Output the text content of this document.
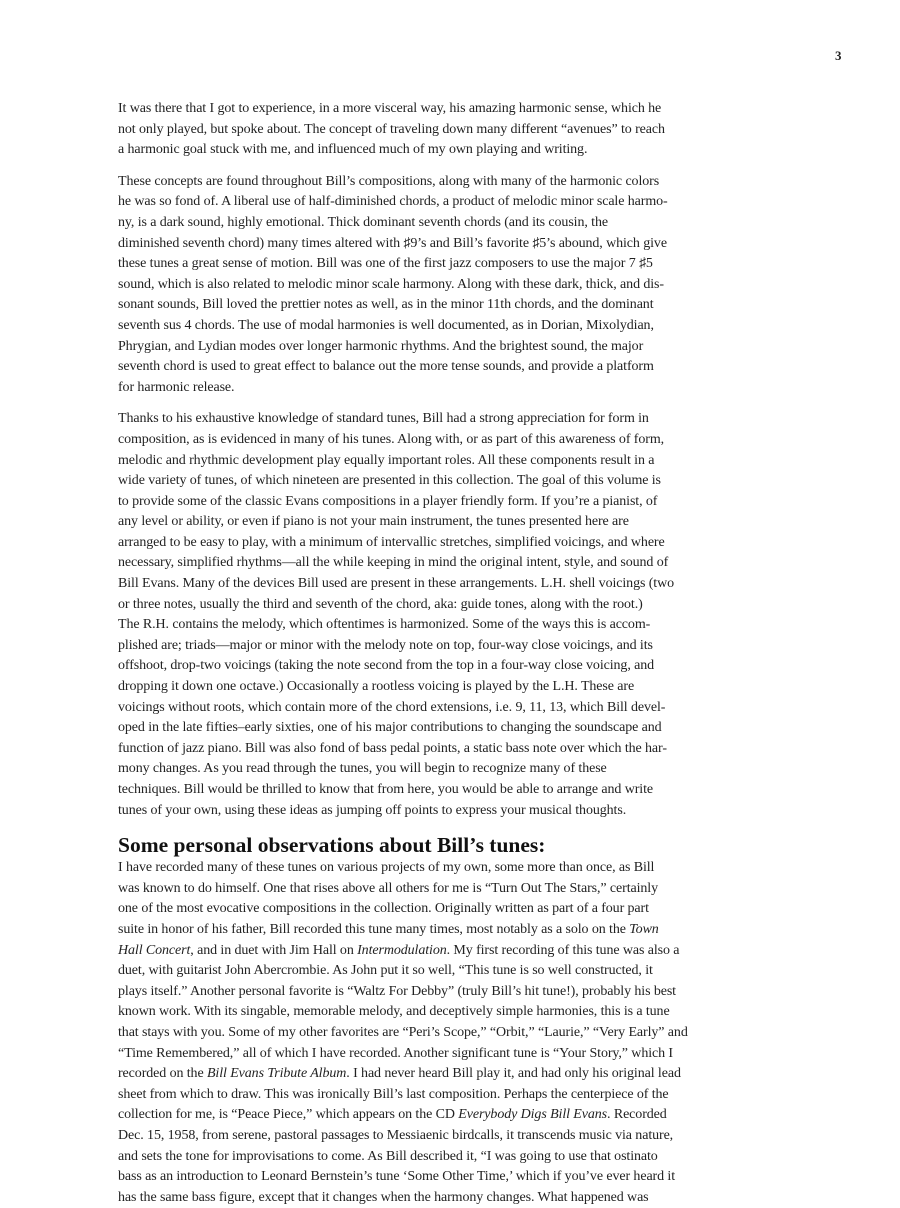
3

It was there that I got to experience, in a more visceral way, his amazing harmonic sense, which he
not only played, but spoke about. The concept of traveling down many different “avenues” to reach
a harmonic goal stuck with me, and influenced much of my own playing and writing.

These concepts are found throughout Bill’s compositions, along with many of the harmonic colors
he was so fond of. A liberal use of half-diminished chords, a product of melodic minor scale harmo-
ny, is a dark sound, highly emotional. Thick dominant seventh chords (and its cousin, the
diminished seventh chord) many times altered with ♯9’s and Bill’s favorite ♯5’s abound, which give
these tunes a great sense of motion. Bill was one of the first jazz composers to use the major 7 ♯5
sound, which is also related to melodic minor scale harmony. Along with these dark, thick, and dis-
sonant sounds, Bill loved the prettier notes as well, as in the minor 11th chords, and the dominant
seventh sus 4 chords. The use of modal harmonies is well documented, as in Dorian, Mixolydian,
Phrygian, and Lydian modes over longer harmonic rhythms. And the brightest sound, the major
seventh chord is used to great effect to balance out the more tense sounds, and provide a platform
for harmonic release.

Thanks to his exhaustive knowledge of standard tunes, Bill had a strong appreciation for form in
composition, as is evidenced in many of his tunes. Along with, or as part of this awareness of form,
melodic and rhythmic development play equally important roles. All these components result in a
wide variety of tunes, of which nineteen are presented in this collection. The goal of this volume is
to provide some of the classic Evans compositions in a player friendly form. If you’re a pianist, of
any level or ability, or even if piano is not your main instrument, the tunes presented here are
arranged to be easy to play, with a minimum of intervallic stretches, simplified voicings, and where
necessary, simplified rhythms—all the while keeping in mind the original intent, style, and sound of
Bill Evans. Many of the devices Bill used are present in these arrangements. L.H. shell voicings (two
or three notes, usually the third and seventh of the chord, aka: guide tones, along with the root.)
The R.H. contains the melody, which oftentimes is harmonized. Some of the ways this is accom-
plished are; triads—major or minor with the melody note on top, four-way close voicings, and its
offshoot, drop-two voicings (taking the note second from the top in a four-way close voicing, and
dropping it down one octave.) Occasionally a rootless voicing is played by the L.H. These are
voicings without roots, which contain more of the chord extensions, i.e. 9, 11, 13, which Bill devel-
oped in the late fifties–early sixties, one of his major contributions to changing the soundscape and
function of jazz piano. Bill was also fond of bass pedal points, a static bass note over which the har-
mony changes. As you read through the tunes, you will begin to recognize many of these
techniques. Bill would be thrilled to know that from here, you would be able to arrange and write
tunes of your own, using these ideas as jumping off points to express your musical thoughts.

Some personal observations about Bill’s tunes:

I have recorded many of these tunes on various projects of my own, some more than once, as Bill
was known to do himself. One that rises above all others for me is “Turn Out The Stars,” certainly
one of the most evocative compositions in the collection. Originally written as part of a four part
suite in honor of his father, Bill recorded this tune many times, most notably as a solo on the Town
Hall Concert, and in duet with Jim Hall on Intermodulation. My first recording of this tune was also a
duet, with guitarist John Abercrombie. As John put it so well, “This tune is so well constructed, it
plays itself.” Another personal favorite is “Waltz For Debby” (truly Bill’s hit tune!), probably his best
known work. With its singable, memorable melody, and deceptively simple harmonies, this is a tune
that stays with you. Some of my other favorites are “Peri’s Scope,” “Orbit,” “Laurie,” “Very Early” and
“Time Remembered,” all of which I have recorded. Another significant tune is “Your Story,” which I
recorded on the Bill Evans Tribute Album. I had never heard Bill play it, and had only his original lead
sheet from which to draw. This was ironically Bill’s last composition. Perhaps the centerpiece of the
collection for me, is “Peace Piece,” which appears on the CD Everybody Digs Bill Evans. Recorded
Dec. 15, 1958, from serene, pastoral passages to Messiaenic birdcalls, it transcends music via nature,
and sets the tone for improvisations to come. As Bill described it, “I was going to use that ostinato
bass as an introduction to Leonard Bernstein’s tune ‘Some Other Time,’ which if you’ve ever heard it
has the same bass figure, except that it changes when the harmony changes. What happened was
